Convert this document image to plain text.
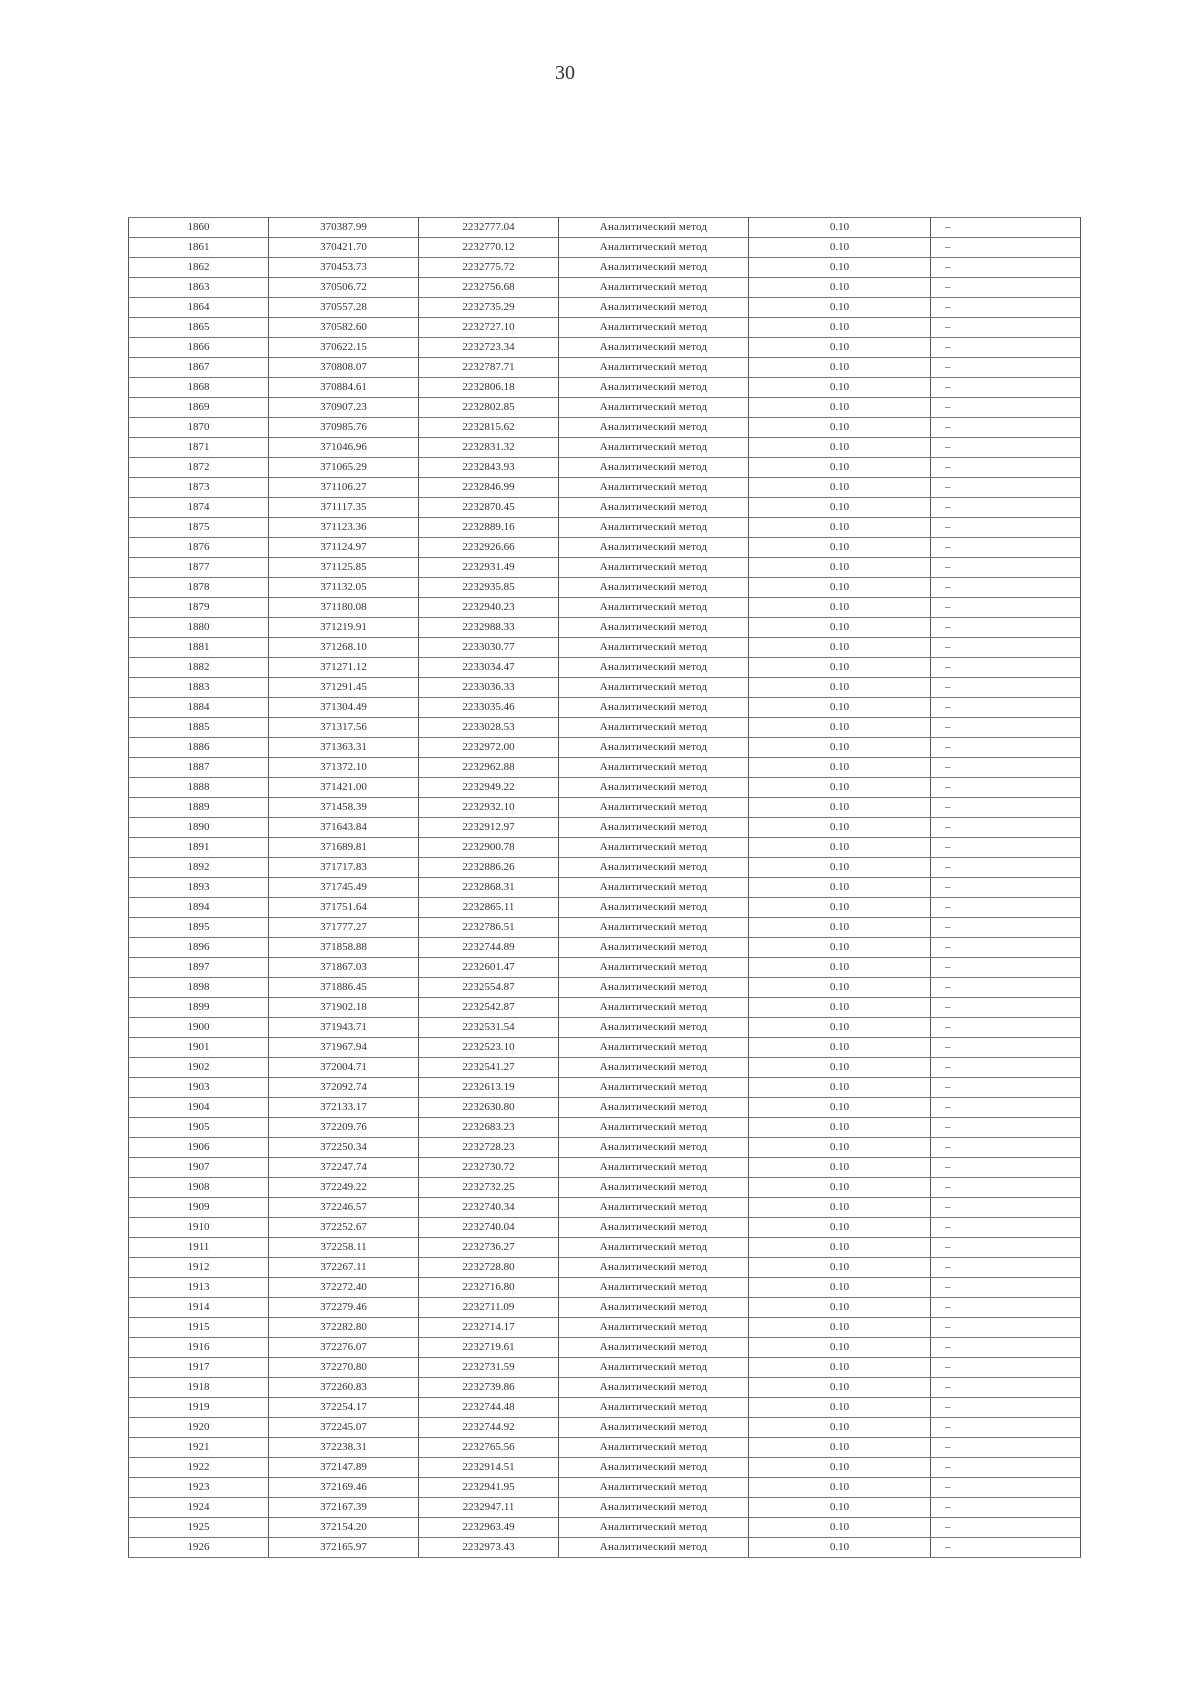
30
1860	370387.99	2232777.04	Аналитический метод	0.10	–
1861	370421.70	2232770.12	Аналитический метод	0.10	–
1862	370453.73	2232775.72	Аналитический метод	0.10	–
1863	370506.72	2232756.68	Аналитический метод	0.10	–
1864	370557.28	2232735.29	Аналитический метод	0.10	–
1865	370582.60	2232727.10	Аналитический метод	0.10	–
1866	370622.15	2232723.34	Аналитический метод	0.10	–
1867	370808.07	2232787.71	Аналитический метод	0.10	–
1868	370884.61	2232806.18	Аналитический метод	0.10	–
1869	370907.23	2232802.85	Аналитический метод	0.10	–
1870	370985.76	2232815.62	Аналитический метод	0.10	–
1871	371046.96	2232831.32	Аналитический метод	0.10	–
1872	371065.29	2232843.93	Аналитический метод	0.10	–
1873	371106.27	2232846.99	Аналитический метод	0.10	–
1874	371117.35	2232870.45	Аналитический метод	0.10	–
1875	371123.36	2232889.16	Аналитический метод	0.10	–
1876	371124.97	2232926.66	Аналитический метод	0.10	–
1877	371125.85	2232931.49	Аналитический метод	0.10	–
1878	371132.05	2232935.85	Аналитический метод	0.10	–
1879	371180.08	2232940.23	Аналитический метод	0.10	–
1880	371219.91	2232988.33	Аналитический метод	0.10	–
1881	371268.10	2233030.77	Аналитический метод	0.10	–
1882	371271.12	2233034.47	Аналитический метод	0.10	–
1883	371291.45	2233036.33	Аналитический метод	0.10	–
1884	371304.49	2233035.46	Аналитический метод	0.10	–
1885	371317.56	2233028.53	Аналитический метод	0.10	–
1886	371363.31	2232972.00	Аналитический метод	0.10	–
1887	371372.10	2232962.88	Аналитический метод	0.10	–
1888	371421.00	2232949.22	Аналитический метод	0.10	–
1889	371458.39	2232932.10	Аналитический метод	0.10	–
1890	371643.84	2232912.97	Аналитический метод	0.10	–
1891	371689.81	2232900.78	Аналитический метод	0.10	–
1892	371717.83	2232886.26	Аналитический метод	0.10	–
1893	371745.49	2232868.31	Аналитический метод	0.10	–
1894	371751.64	2232865.11	Аналитический метод	0.10	–
1895	371777.27	2232786.51	Аналитический метод	0.10	–
1896	371858.88	2232744.89	Аналитический метод	0.10	–
1897	371867.03	2232601.47	Аналитический метод	0.10	–
1898	371886.45	2232554.87	Аналитический метод	0.10	–
1899	371902.18	2232542.87	Аналитический метод	0.10	–
1900	371943.71	2232531.54	Аналитический метод	0.10	–
1901	371967.94	2232523.10	Аналитический метод	0.10	–
1902	372004.71	2232541.27	Аналитический метод	0.10	–
1903	372092.74	2232613.19	Аналитический метод	0.10	–
1904	372133.17	2232630.80	Аналитический метод	0.10	–
1905	372209.76	2232683.23	Аналитический метод	0.10	–
1906	372250.34	2232728.23	Аналитический метод	0.10	–
1907	372247.74	2232730.72	Аналитический метод	0.10	–
1908	372249.22	2232732.25	Аналитический метод	0.10	–
1909	372246.57	2232740.34	Аналитический метод	0.10	–
1910	372252.67	2232740.04	Аналитический метод	0.10	–
1911	372258.11	2232736.27	Аналитический метод	0.10	–
1912	372267.11	2232728.80	Аналитический метод	0.10	–
1913	372272.40	2232716.80	Аналитический метод	0.10	–
1914	372279.46	2232711.09	Аналитический метод	0.10	–
1915	372282.80	2232714.17	Аналитический метод	0.10	–
1916	372276.07	2232719.61	Аналитический метод	0.10	–
1917	372270.80	2232731.59	Аналитический метод	0.10	–
1918	372260.83	2232739.86	Аналитический метод	0.10	–
1919	372254.17	2232744.48	Аналитический метод	0.10	–
1920	372245.07	2232744.92	Аналитический метод	0.10	–
1921	372238.31	2232765.56	Аналитический метод	0.10	–
1922	372147.89	2232914.51	Аналитический метод	0.10	–
1923	372169.46	2232941.95	Аналитический метод	0.10	–
1924	372167.39	2232947.11	Аналитический метод	0.10	–
1925	372154.20	2232963.49	Аналитический метод	0.10	–
1926	372165.97	2232973.43	Аналитический метод	0.10	–
